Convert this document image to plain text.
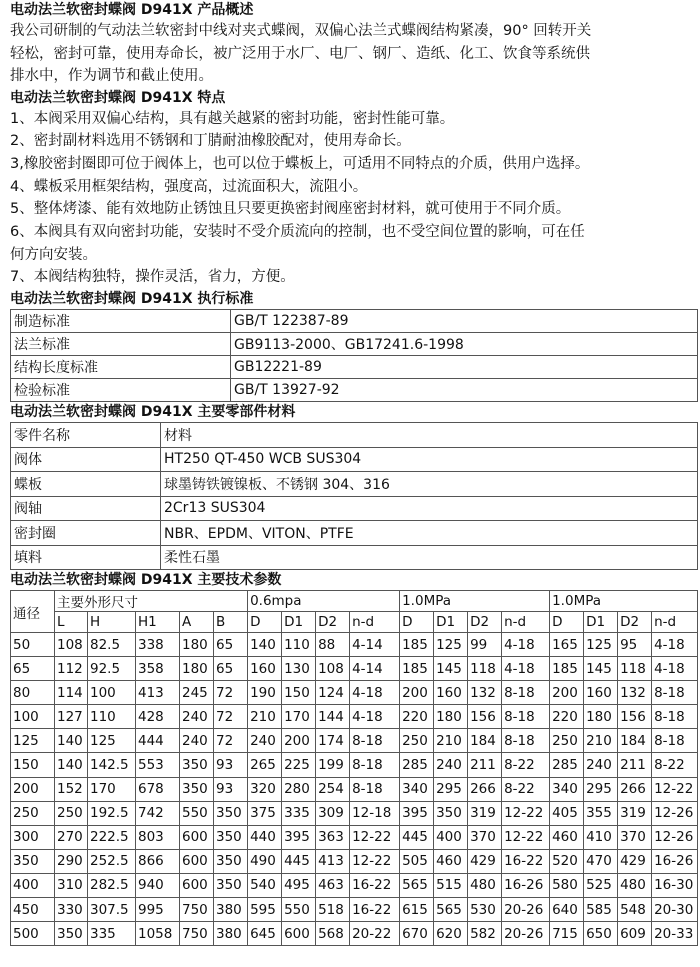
电动法兰软密封蝶阀 D941X 产品概述
我公司研制的气动法兰软密封中线对夹式蝶阀，双偏心法兰式蝶阀结构紧凑，90° 回转开关
轻松，密封可靠，使用寿命长，被广泛用于水厂、电厂、钢厂、造纸、化工、饮食等系统供
排水中，作为调节和截止使用。
电动法兰软密封蝶阀 D941X 特点
1、本阀采用双偏心结构，具有越关越紧的密封功能，密封性能可靠。
2、密封副材料选用不锈钢和丁腈耐油橡胶配对，使用寿命长。
3,橡胶密封圈即可位于阀体上，也可以位于蝶板上，可适用不同特点的介质，供用户选择。
4、蝶板采用框架结构，强度高，过流面积大，流阻小。
5、整体烤漆、能有效地防止锈蚀且只要更换密封阀座密封材料，就可使用于不同介质。
6、本阀具有双向密封功能，安装时不受介质流向的控制，也不受空间位置的影响，可在任
何方向安装。
7、本阀结构独特，操作灵活，省力，方便。
电动法兰软密封蝶阀 D941X 执行标准
制造标准	GB/T 122387-89
法兰标准	GB9113-2000、GB17241.6-1998
结构长度标准	GB12221-89
检验标准	GB/T 13927-92
电动法兰软密封蝶阀 D941X 主要零部件材料
零件名称	材料
阀体	HT250 QT-450 WCB SUS304
蝶板	球墨铸铁镀镍板、不锈钢 304、316
阀轴	2Cr13 SUS304
密封圈	NBR、EPDM、VITON、PTFE
填料	柔性石墨
电动法兰软密封蝶阀 D941X 主要技术参数
通径	主要外形尺寸					0.6mpa				1.0MPa				1.0MPa			
	L	H	H1	A	B	D	D1	D2	n-d	D	D1	D2	n-d	D	D1	D2	n-d
50	108	82.5	338	180	65	140	110	88	4-14	185	125	99	4-18	165	125	95	4-18
65	112	92.5	358	180	65	160	130	108	4-14	185	145	118	4-18	185	145	118	4-18
80	114	100	413	245	72	190	150	124	4-18	200	160	132	8-18	200	160	132	8-18
100	127	110	428	240	72	210	170	144	4-18	220	180	156	8-18	220	180	156	8-18
125	140	125	444	240	72	240	200	174	8-18	250	210	184	8-18	250	210	184	8-18
150	140	142.5	553	350	93	265	225	199	8-18	285	240	211	8-22	285	240	211	8-22
200	152	170	678	350	93	320	280	254	8-18	340	295	266	8-22	340	295	266	12-22
250	250	192.5	742	550	350	375	335	309	12-18	395	350	319	12-22	405	355	319	12-26
300	270	222.5	803	600	350	440	395	363	12-22	445	400	370	12-22	460	410	370	12-26
350	290	252.5	866	600	350	490	445	413	12-22	505	460	429	16-22	520	470	429	16-26
400	310	282.5	940	600	350	540	495	463	16-22	565	515	480	16-26	580	525	480	16-30
450	330	307.5	995	750	380	595	550	518	16-22	615	565	530	20-26	640	585	548	20-30
500	350	335	1058	750	380	645	600	568	20-22	670	620	582	20-26	715	650	609	20-33
